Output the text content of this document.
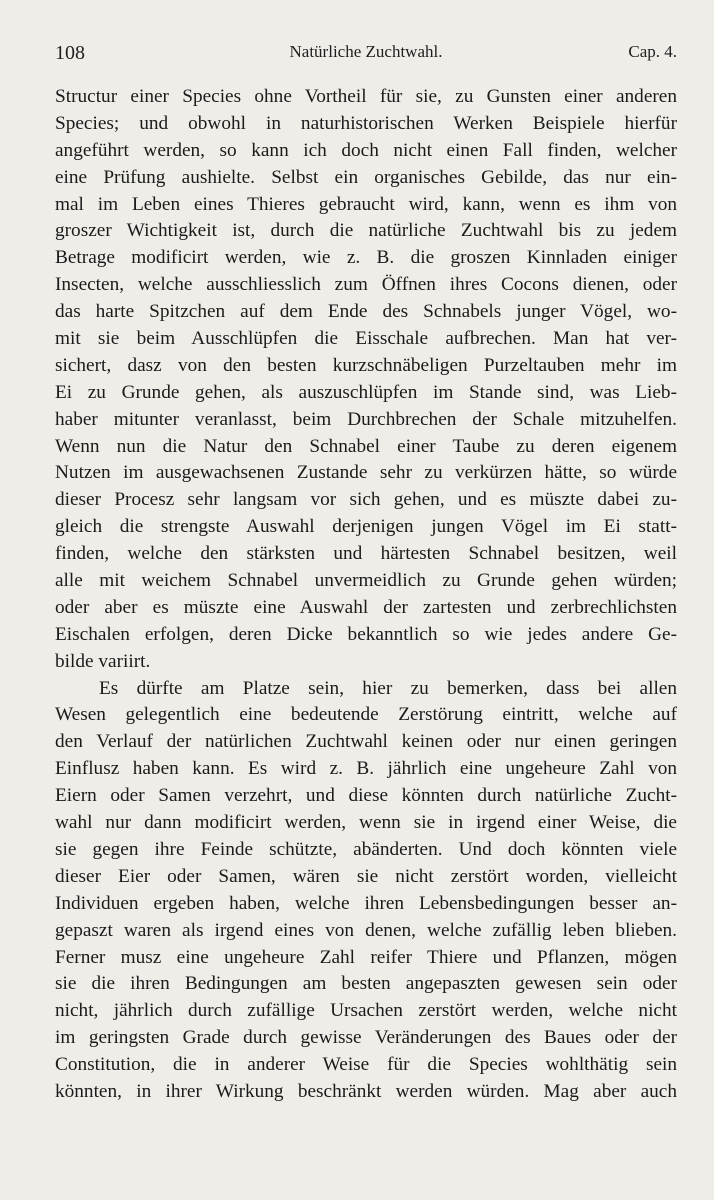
108	Natürliche Zuchtwahl.	Cap. 4.
Structur einer Species ohne Vortheil für sie, zu Gunsten einer anderen
Species; und obwohl in naturhistorischen Werken Beispiele hierfür
angeführt werden, so kann ich doch nicht einen Fall finden, welcher
eine Prüfung aushielte. Selbst ein organisches Gebilde, das nur ein-
mal im Leben eines Thieres gebraucht wird, kann, wenn es ihm von
groszer Wichtigkeit ist, durch die natürliche Zuchtwahl bis zu jedem
Betrage modificirt werden, wie z. B. die groszen Kinnladen einiger
Insecten, welche ausschliesslich zum Öffnen ihres Cocons dienen, oder
das harte Spitzchen auf dem Ende des Schnabels junger Vögel, wo-
mit sie beim Ausschlüpfen die Eisschale aufbrechen. Man hat ver-
sichert, dasz von den besten kurzschnäbeligen Purzeltauben mehr im
Ei zu Grunde gehen, als auszuschlüpfen im Stande sind, was Lieb-
haber mitunter veranlasst, beim Durchbrechen der Schale mitzuhelfen.
Wenn nun die Natur den Schnabel einer Taube zu deren eigenem
Nutzen im ausgewachsenen Zustande sehr zu verkürzen hätte, so würde
dieser Procesz sehr langsam vor sich gehen, und es müszte dabei zu-
gleich die strengste Auswahl derjenigen jungen Vögel im Ei statt-
finden, welche den stärksten und härtesten Schnabel besitzen, weil
alle mit weichem Schnabel unvermeidlich zu Grunde gehen würden;
oder aber es müszte eine Auswahl der zartesten und zerbrechlichsten
Eischalen erfolgen, deren Dicke bekanntlich so wie jedes andere Ge-
bilde variirt.
Es dürfte am Platze sein, hier zu bemerken, dass bei allen
Wesen gelegentlich eine bedeutende Zerstörung eintritt, welche auf
den Verlauf der natürlichen Zuchtwahl keinen oder nur einen geringen
Einflusz haben kann. Es wird z. B. jährlich eine ungeheure Zahl von
Eiern oder Samen verzehrt, und diese könnten durch natürliche Zucht-
wahl nur dann modificirt werden, wenn sie in irgend einer Weise, die
sie gegen ihre Feinde schützte, abänderten. Und doch könnten viele
dieser Eier oder Samen, wären sie nicht zerstört worden, vielleicht
Individuen ergeben haben, welche ihren Lebensbedingungen besser an-
gepaszt waren als irgend eines von denen, welche zufällig leben blieben.
Ferner musz eine ungeheure Zahl reifer Thiere und Pflanzen, mögen
sie die ihren Bedingungen am besten angepaszten gewesen sein oder
nicht, jährlich durch zufällige Ursachen zerstört werden, welche nicht
im geringsten Grade durch gewisse Veränderungen des Baues oder der
Constitution, die in anderer Weise für die Species wohlthätig sein
könnten, in ihrer Wirkung beschränkt werden würden. Mag aber auch
